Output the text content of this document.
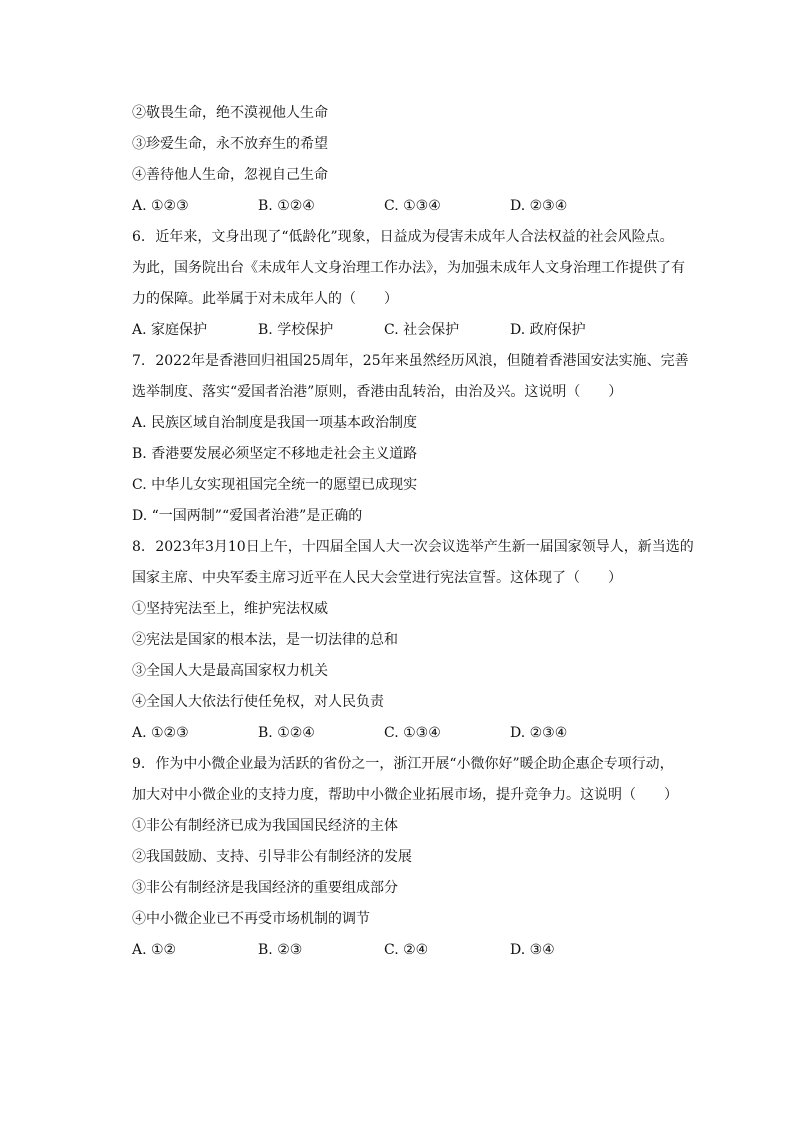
②敬畏生命，绝不漠视他人生命
③珍爱生命，永不放弃生的希望
④善待他人生命，忽视自己生命
A. ①②③	B. ①②④	C. ①③④	D. ②③④
6. 近年来，文身出现了“低龄化”现象，日益成为侵害未成年人合法权益的社会风险点。
为此，国务院出台《未成年人文身治理工作办法》，为加强未成年人文身治理工作提供了有
力的保障。此举属于对未成年人的（　　）
A. 家庭保护	B. 学校保护	C. 社会保护	D. 政府保护
7. 2022年是香港回归祖国25周年，25年来虽然经历风浪，但随着香港国安法实施、完善
选举制度、落实“爱国者治港”原则，香港由乱转治，由治及兴。这说明（　　）
A. 民族区域自治制度是我国一项基本政治制度
B. 香港要发展必须坚定不移地走社会主义道路
C. 中华儿女实现祖国完全统一的愿望已成现实
D. “一国两制”“爱国者治港”是正确的
8. 2023年3月10日上午，十四届全国人大一次会议选举产生新一届国家领导人，新当选的
国家主席、中央军委主席习近平在人民大会堂进行宪法宣誓。这体现了（　　）
①坚持宪法至上，维护宪法权威
②宪法是国家的根本法，是一切法律的总和
③全国人大是最高国家权力机关
④全国人大依法行使任免权，对人民负责
A. ①②③	B. ①②④	C. ①③④	D. ②③④
9. 作为中小微企业最为活跃的省份之一，浙江开展“小微你好”暖企助企惠企专项行动，
加大对中小微企业的支持力度，帮助中小微企业拓展市场，提升竞争力。这说明（　　）
①非公有制经济已成为我国国民经济的主体
②我国鼓励、支持、引导非公有制经济的发展
③非公有制经济是我国经济的重要组成部分
④中小微企业已不再受市场机制的调节
A. ①②	B. ②③	C. ②④	D. ③④
